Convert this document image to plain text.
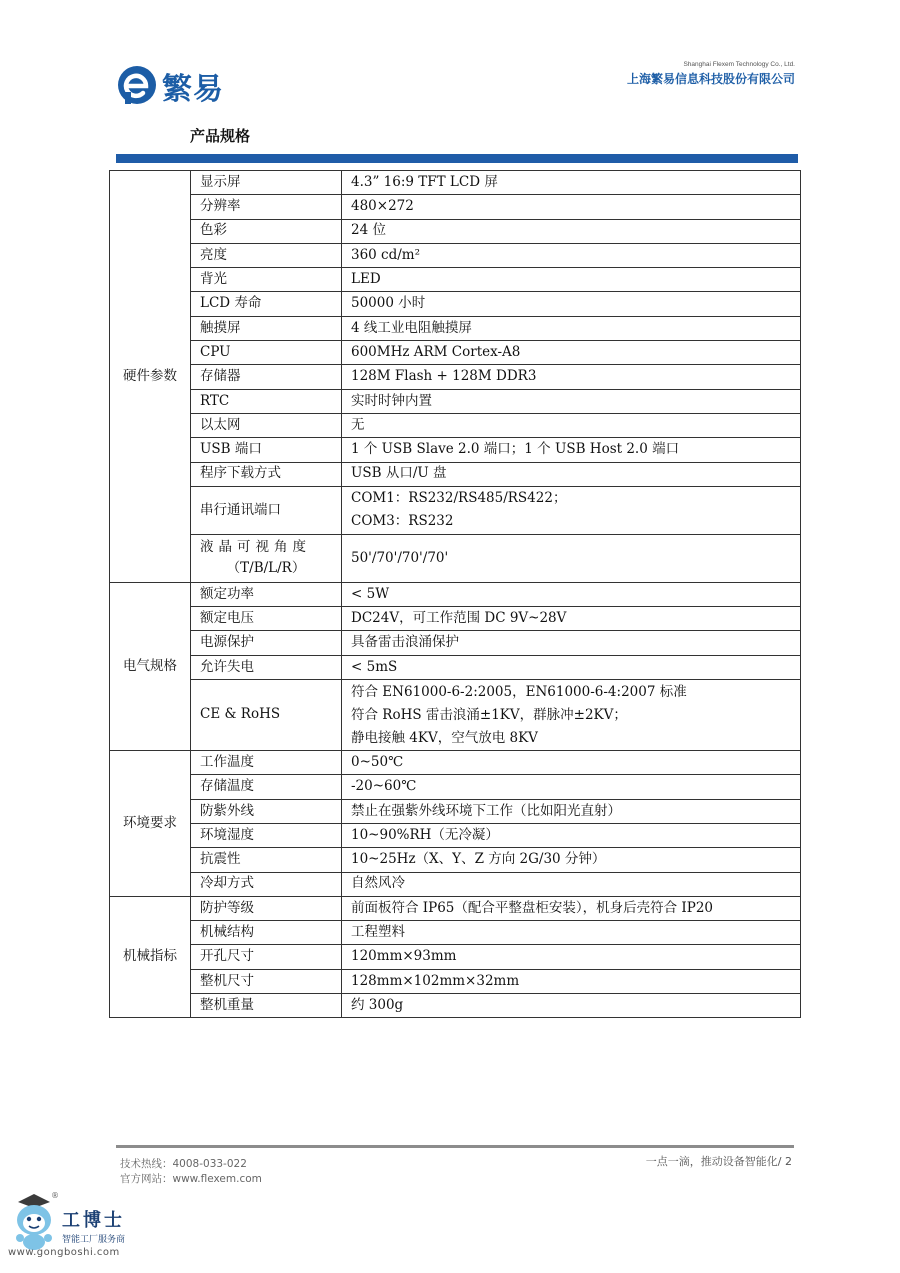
繁易
Shanghai Flexem Technology Co., Ltd.
上海繁易信息科技股份有限公司
产品规格
硬件参数	显示屏	4.3” 16:9 TFT LCD 屏
	分辨率	480×272
	色彩	24 位
	亮度	360 cd/m²
	背光	LED
	LCD 寿命	50000 小时
	触摸屏	4 线工业电阻触摸屏
	CPU	600MHz ARM Cortex-A8
	存储器	128M Flash + 128M DDR3
	RTC	实时时钟内置
	以太网	无
	USB 端口	1 个 USB Slave 2.0 端口；1 个 USB Host 2.0 端口
	程序下载方式	USB 从口/U 盘
	串行通讯端口	COM1：RS232/RS485/RS422；
COM3：RS232

	液晶可视角度
（T/B/L/R）	50'/70'/70'/70'
电气规格	额定功率	< 5W
	额定电压	DC24V，可工作范围 DC 9V~28V
	电源保护	具备雷击浪涌保护
	允许失电	< 5mS
	CE & RoHS	符合 EN61000-6-2:2005，EN61000-6-4:2007 标准
符合 RoHS 雷击浪涌±1KV，群脉冲±2KV；
静电接触 4KV，空气放电 8KV

环境要求	工作温度	0~50℃
	存储温度	-20~60℃
	防紫外线	禁止在强紫外线环境下工作（比如阳光直射）
	环境湿度	10~90%RH（无冷凝）
	抗震性	10~25Hz（X、Y、Z 方向 2G/30 分钟）
	冷却方式	自然风冷
机械指标	防护等级	前面板符合 IP65（配合平整盘柜安装），机身后壳符合 IP20
	机械结构	工程塑料
	开孔尺寸	120mm×93mm
	整机尺寸	128mm×102mm×32mm
	整机重量	约 300g
技术热线：4008-033-022
官方网站：www.flexem.com
一点一滴，推动设备智能化/ 2
®
工博士
智能工厂服务商
www.gongboshi.com
